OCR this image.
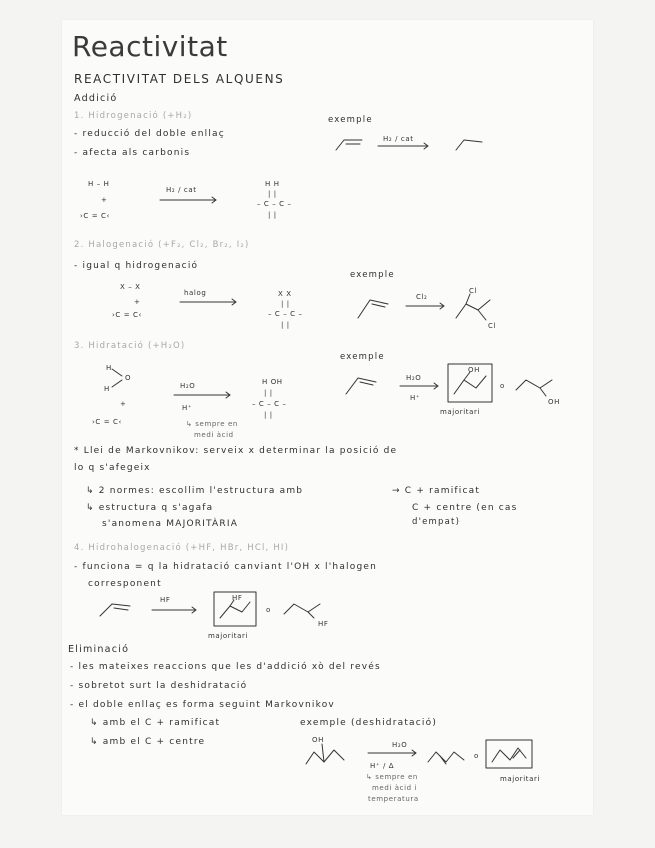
Reactivitat
REACTIVITAT DELS ALQUENS
Addició
1. Hidrogenació (+H₂)
- reducció del doble enllaç
- afecta als carbonis
exemple
H₂ / cat
H – H
+
›C = C‹
H₂ / cat
H H
| |
– C – C –
| |
2. Halogenació (+F₂, Cl₂, Br₂, I₂)
- igual q hidrogenació
exemple
X – X
+
›C = C‹
halog	X X
| |
– C – C –
| |
Cl₂
Cl
Cl
3. Hidratació (+H₂O)
exemple
H
O
H
+
›C = C‹
H₂O
H⁺
↳ sempre en
medi àcid
H OH
| |
– C – C –
| |
H₂O
H⁺
OH
majoritari
o
OH
* Llei de Markovnikov: serveix x determinar la posició de
lo q s'afegeix
↳ 2 normes: escollim l'estructura amb	→ C + ramificat
↳ estructura q s'agafa	C + centre (en cas
s'anomena MAJORITÀRIA	d'empat)
4. Hidrohalogenació (+HF, HBr, HCl, HI)
- funciona = q la hidratació canviant l'OH x l'halogen
corresponent
HF	HF
majoritari
o
HF
Eliminació
- les mateixes reaccions que les d'addició xò del revés
- sobretot surt la deshidratació
- el doble enllaç es forma seguint Markovnikov
↳ amb el C + ramificat	exemple (deshidratació)
↳ amb el C + centre	OH
H₂O
H⁺ / Δ
o
majoritari
↳ sempre en
medi àcid i
temperatura
